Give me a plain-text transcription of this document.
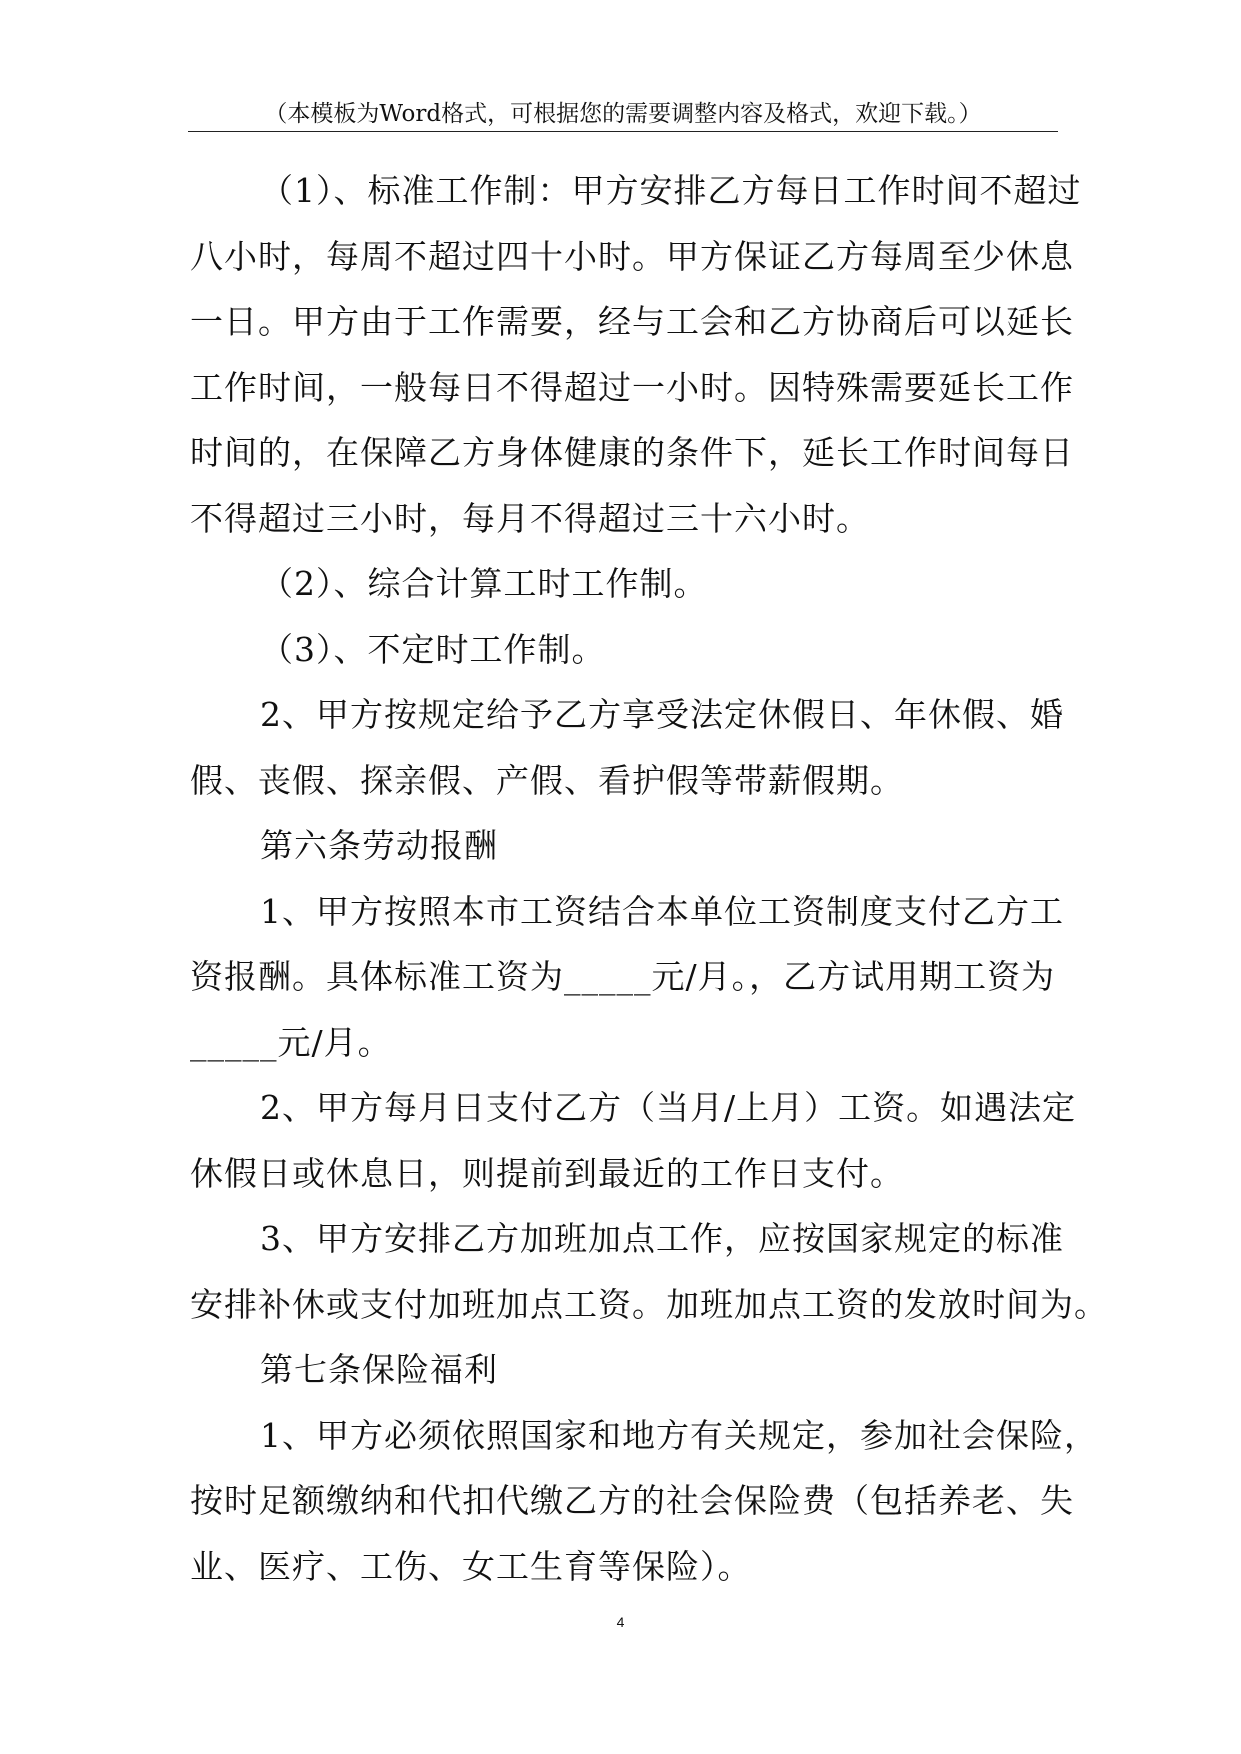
（本模板为Word格式，可根据您的需要调整内容及格式，欢迎下载。）
（1）、标准工作制：甲方安排乙方每日工作时间不超过
八小时，每周不超过四十小时。甲方保证乙方每周至少休息
一日。甲方由于工作需要，经与工会和乙方协商后可以延长
工作时间，一般每日不得超过一小时。因特殊需要延长工作
时间的，在保障乙方身体健康的条件下，延长工作时间每日
不得超过三小时，每月不得超过三十六小时。
（2）、综合计算工时工作制。
（3）、不定时工作制。
2、甲方按规定给予乙方享受法定休假日、年休假、婚
假、丧假、探亲假、产假、看护假等带薪假期。
第六条劳动报酬
1、甲方按照本市工资结合本单位工资制度支付乙方工
资报酬。具体标准工资为_____元/月。，乙方试用期工资为
_____元/月。
2、甲方每月日支付乙方（当月/上月）工资。如遇法定
休假日或休息日，则提前到最近的工作日支付。
3、甲方安排乙方加班加点工作，应按国家规定的标准
安排补休或支付加班加点工资。加班加点工资的发放时间为。
第七条保险福利
1、甲方必须依照国家和地方有关规定，参加社会保险，
按时足额缴纳和代扣代缴乙方的社会保险费（包括养老、失
业、医疗、工伤、女工生育等保险）。
4
